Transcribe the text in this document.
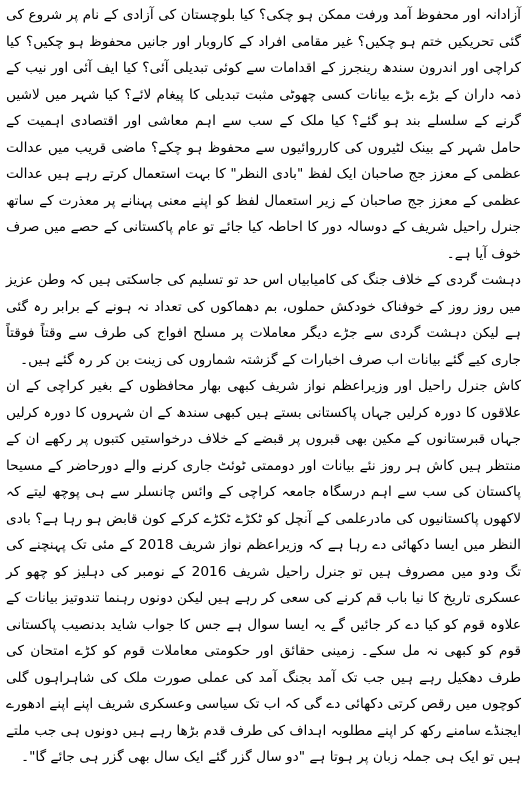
آزادانہ اور محفوظ آمد ورفت ممکن ہو چکی؟ کیا بلوچستان کی آزادی کے نام پر شروع کی گئی تحریکیں ختم ہو چکیں؟ غیر مقامی افراد کے کاروبار اور جانیں محفوظ ہو چکیں؟ کیا کراچی اور اندرون سندھ رینجرز کے اقدامات سے کوئی تبدیلی آئی؟ کیا ایف آئی اور نیب کے ذمہ داران کے بڑے بڑے بیانات کسی چھوٹی مثبت تبدیلی کا پیغام لائے؟ کیا شہر میں لاشیں گرنے کے سلسلے بند ہو گئے؟ کیا ملک کے سب سے اہم معاشی اور اقتصادی اہمیت کے حامل شہر کے بینک لٹیروں کی کارروائیوں سے محفوظ ہو چکے؟ ماضی قریب میں عدالت عظمی کے معزز جج صاحبان ایک لفظ "بادی النظر" کا بہت استعمال کرتے رہے ہیں عدالت عظمی کے معزز جج صاحبان کے زیر استعمال لفظ کو اپنے معنی پہنانے پر معذرت کے ساتھ جنرل راحیل شریف کے دوسالہ دور کا احاطہ کیا جائے تو عام پاکستانی کے حصے میں صرف خوف آیا ہے۔

دہشت گردی کے خلاف جنگ کی کامیابیاں اس حد تو تسلیم کی جاسکتی ہیں کہ وطن عزیز میں روز روز کے خوفناک خودکش حملوں، بم دھماکوں کی تعداد نہ ہونے کے برابر رہ گئی ہے لیکن دہشت گردی سے جڑے دیگر معاملات پر مسلح افواج کی طرف سے وقتاً فوقتاً جاری کیے گئے بیانات اب صرف اخبارات کے گزشتہ شماروں کی زینت بن کر رہ گئے ہیں۔

کاش جنرل راحیل اور وزیراعظم نواز شریف کبھی بھار محافظوں کے بغیر کراچی کے ان علاقوں کا دورہ کرلیں جہاں پاکستانی بستے ہیں کبھی سندھ کے ان شہروں کا دورہ کرلیں جہاں قبرستانوں کے مکین بھی قبروں پر قبضے کے خلاف درخواستیں کتبوں پر رکھے ان کے منتظر ہیں کاش ہر روز نئے بیانات اور دوممتی ٹوئٹ جاری کرنے والے دورحاضر کے مسیحا پاکستان کی سب سے اہم درسگاہ جامعہ کراچی کے وائس چانسلر سے ہی پوچھ لیتے کہ لاکھوں پاکستانیوں کی مادرعلمی کے آنچل کو ٹکڑے ٹکڑے کرکے کون قابض ہو رہا ہے؟ بادی النظر میں ایسا دکھائی دے رہا ہے کہ وزیراعظم نواز شریف 2018 کے مئی تک پہنچنے کی تگ ودو میں مصروف ہیں تو جنرل راحیل شریف 2016 کے نومبر کی دہلیز کو چھو کر عسکری تاریخ کا نیا باب قم کرنے کی سعی کر رہے ہیں لیکن دونوں رہنما تندوتیز بیانات کے علاوہ قوم کو کیا دے کر جائیں گے یہ ایسا سوال ہے جس کا جواب شاید بدنصیب پاکستانی قوم کو کبھی نہ مل سکے۔ زمینی حقائق اور حکومتی معاملات قوم کو کڑے امتحان کی طرف دھکیل رہے ہیں جب تک آمد بجنگ آمد کی عملی صورت ملک کی شاہراہوں گلی کوچوں میں رقص کرتی دکھائی دے گی کہ اب تک سیاسی وعسکری شریف اپنے اپنے ادھورے ایجنڈے سامنے رکھ کر اپنے مطلوبہ اہداف کی طرف قدم بڑھا رہے ہیں دونوں ہی جب ملتے ہیں تو ایک ہی جملہ زبان پر ہوتا ہے "دو سال گزر گئے ایک سال بھی گزر ہی جائے گا"۔
